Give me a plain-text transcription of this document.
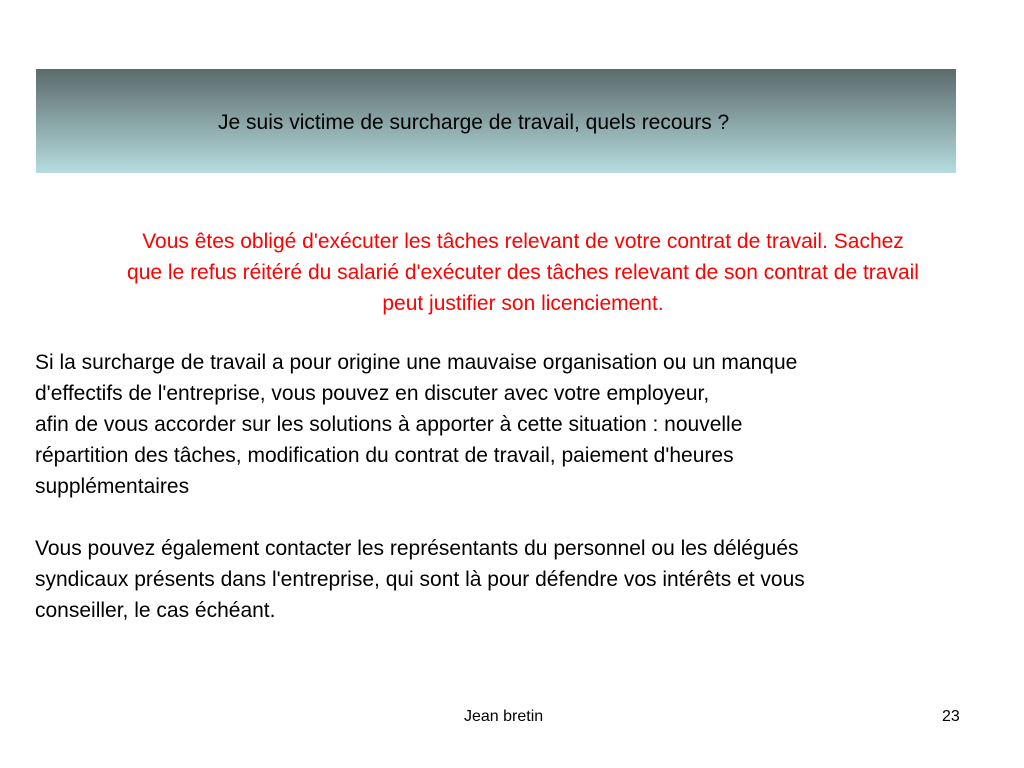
Je suis victime de surcharge de travail, quels recours ?
Vous êtes obligé d'exécuter les tâches relevant de votre contrat de travail. Sachez
que le refus réitéré du salarié d'exécuter des tâches relevant de son contrat de travail
peut justifier son licenciement.
Si la surcharge de travail a pour origine une mauvaise organisation ou un manque
d'effectifs de l'entreprise, vous pouvez en discuter avec votre employeur,
afin de vous accorder sur les solutions à apporter à cette situation : nouvelle
répartition des tâches, modification du contrat de travail, paiement d'heures
supplémentaires
Vous pouvez également contacter les représentants du personnel ou les délégués
syndicaux présents dans l'entreprise, qui sont là pour défendre vos intérêts et vous
conseiller, le cas échéant.
Jean bretin	23
